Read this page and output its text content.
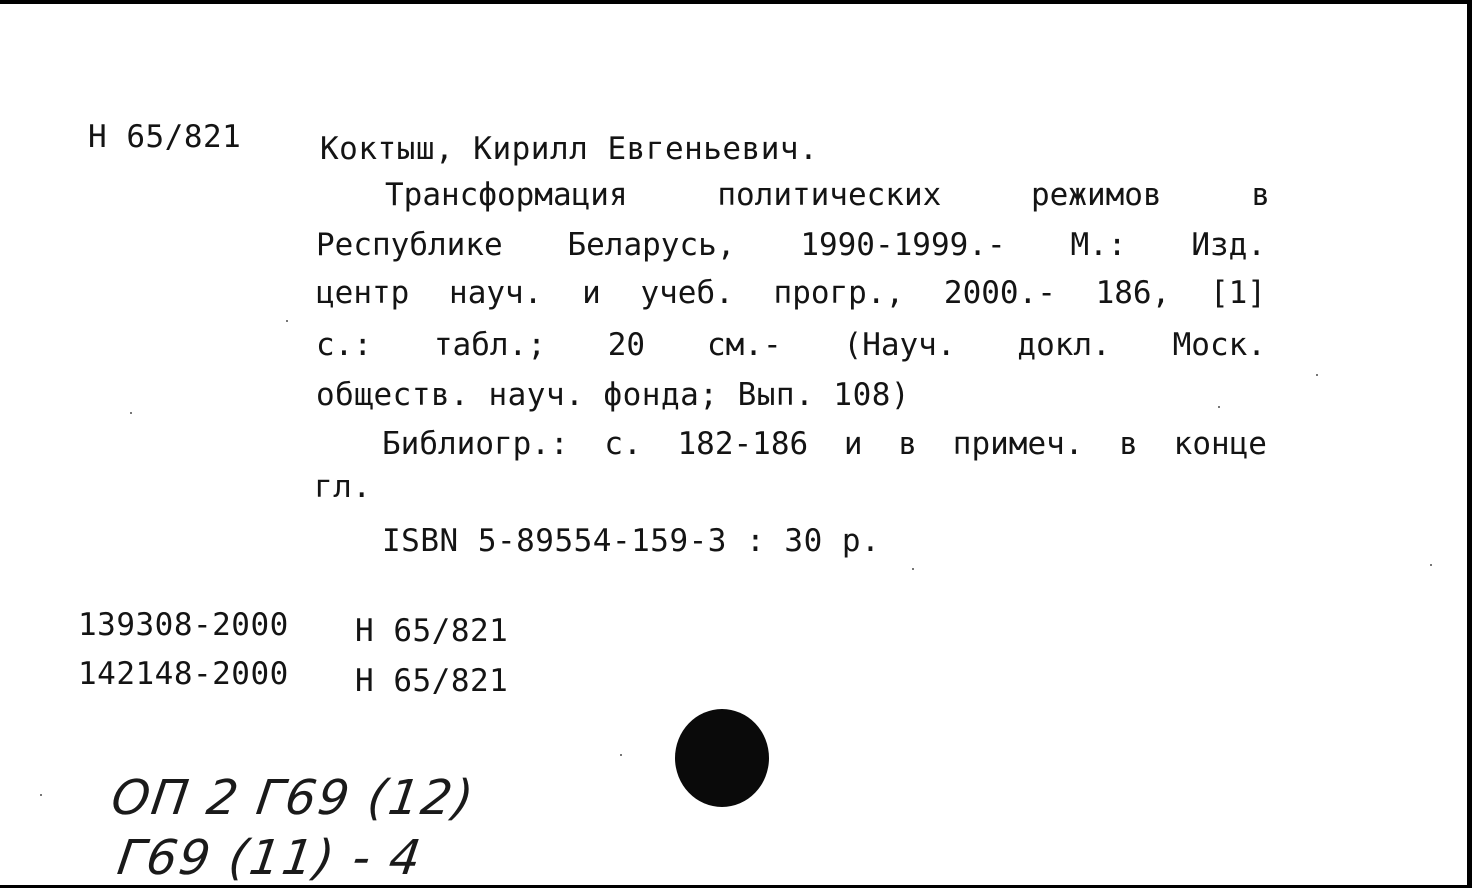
Н 65/821	Коктыш, Кирилл Евгеньевич.
Трансформация	политических	режимов	в
Республике Беларусь, 1990-1999.- М.: Изд.
центр науч. и учеб. прогр., 2000.- 186, [1]
с.: табл.; 20 см.- (Науч. докл. Моск.
обществ. науч. фонда; Вып. 108)
Библиогр.: с. 182-186 и в примеч. в конце
гл.
ISBN 5-89554-159-3 : 30 р.
139308-2000 Н 65/821
142148-2000 Н 65/821
ОП 2 Г69 (12)
Г69 (11) - 4
